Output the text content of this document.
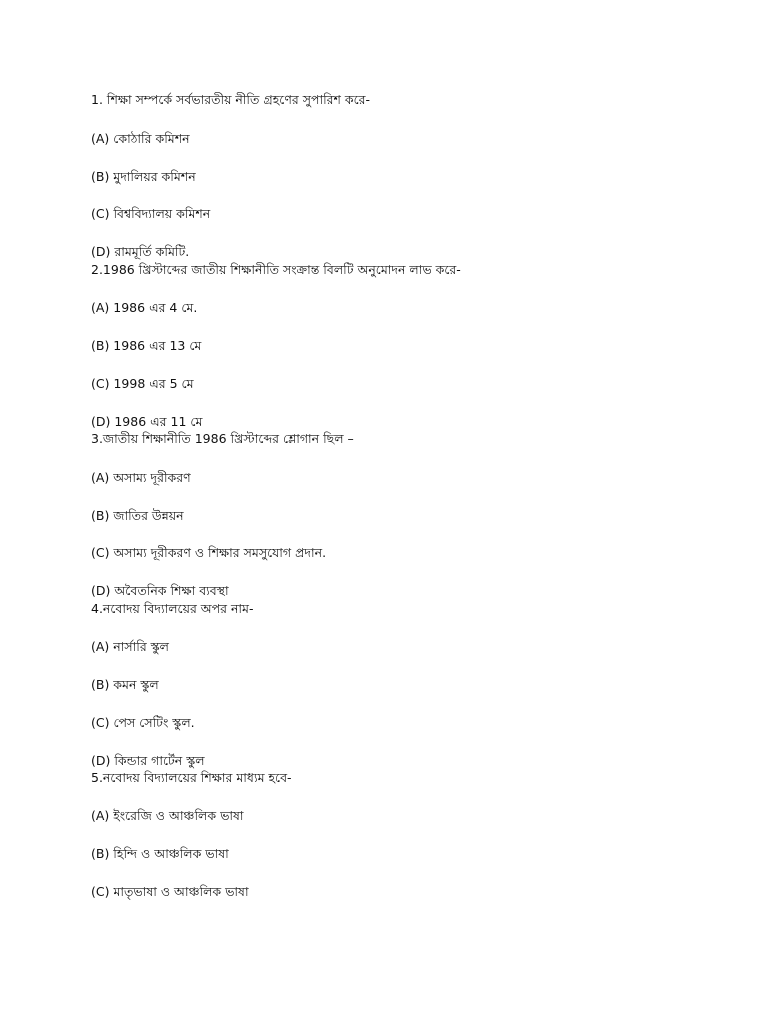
1. শিক্ষা সম্পর্কে সর্বভারতীয় নীতি গ্রহণের সুপারিশ করে-
(A) কোঠারি কমিশন
(B) মুদালিয়র কমিশন
(C) বিশ্ববিদ্যালয় কমিশন
(D) রামমূর্তি কমিটি.
2.1986 খ্রিস্টাব্দের জাতীয় শিক্ষানীতি সংক্রান্ত বিলটি অনুমোদন লাভ করে-
(A) 1986 এর 4 মে.
(B) 1986 এর 13 মে
(C) 1998 এর 5 মে
(D) 1986 এর 11 মে
3.জাতীয় শিক্ষানীতি 1986 খ্রিস্টাব্দের শ্লোগান ছিল –
(A) অসাম্য দূরীকরণ
(B) জাতির উন্নয়ন
(C) অসাম্য দূরীকরণ ও শিক্ষার সমসুযোগ প্রদান.
(D) অবৈতনিক শিক্ষা ব্যবস্থা
4.নবোদয় বিদ্যালয়ের অপর নাম-
(A) নার্সারি স্কুল
(B) কমন স্কুল
(C) পেস সেটিং স্কুল.
(D) কিন্ডার গার্টেন স্কুল
5.নবোদয় বিদ্যালয়ের শিক্ষার মাধ্যম হবে-
(A) ইংরেজি ও আঞ্চলিক ভাষা
(B) হিন্দি ও আঞ্চলিক ভাষা
(C) মাতৃভাষা ও আঞ্চলিক ভাষা
